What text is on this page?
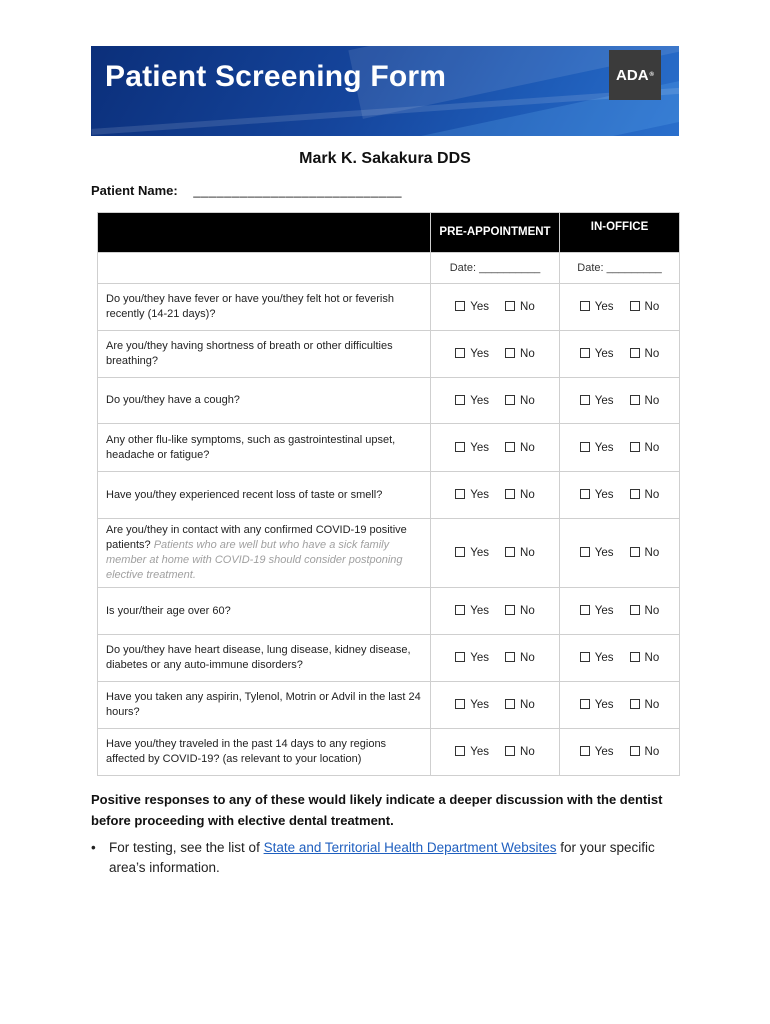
Patient Screening Form	ADA ®
Mark K. Sakakura DDS
Patient Name: ___________________________
	PRE-APPOINTMENT	IN-OFFICE
	Date: __________	Date: _________
Do you/they have fever or have you/they felt hot or feverish recently (14-21 days)?	Yes No	Yes No
Are you/they having shortness of breath or other difficulties breathing?	Yes No	Yes No
Do you/they have a cough?	Yes No	Yes No
Any other flu-like symptoms, such as gastrointestinal upset, headache or fatigue?	Yes No	Yes No
Have you/they experienced recent loss of taste or smell?	Yes No	Yes No
Are you/they in contact with any confirmed COVID-19 positive patients? Patients who are well but who have a sick family member at home with COVID-19 should consider postponing elective treatment.	Yes No	Yes No
Is your/their age over 60?	Yes No	Yes No
Do you/they have heart disease, lung disease, kidney disease, diabetes or any auto-immune disorders?	Yes No	Yes No
Have you taken any aspirin, Tylenol, Motrin or Advil in the last 24 hours?	Yes No	Yes No
Have you/they traveled in the past 14 days to any regions affected by COVID-19? (as relevant to your location)	Yes No	Yes No
Positive responses to any of these would likely indicate a deeper discussion with the dentist before proceeding with elective dental treatment.
• For testing, see the list of State and Territorial Health Department Websites for your specific area’s information.
